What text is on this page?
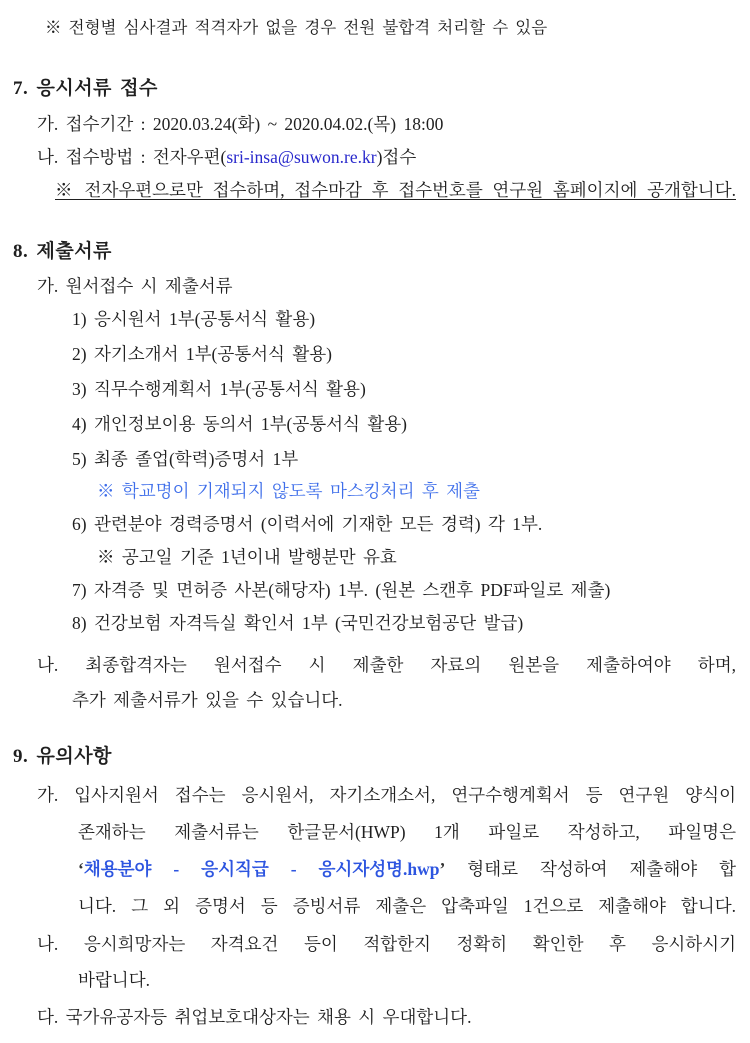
※ 전형별 심사결과 적격자가 없을 경우 전원 불합격 처리할 수 있음
7. 응시서류 접수
가. 접수기간 : 2020.03.24(화) ~ 2020.04.02.(목) 18:00
나. 접수방법 : 전자우편(sri-insa@suwon.re.kr)접수
※ 전자우편으로만 접수하며, 접수마감 후 접수번호를 연구원 홈페이지에 공개합니다.
8. 제출서류
가. 원서접수 시 제출서류
1) 응시원서 1부(공통서식 활용)
2) 자기소개서 1부(공통서식 활용)
3) 직무수행계획서 1부(공통서식 활용)
4) 개인정보이용 동의서 1부(공통서식 활용)
5) 최종 졸업(학력)증명서 1부
※ 학교명이 기재되지 않도록 마스킹처리 후 제출
6) 관련분야 경력증명서 (이력서에 기재한 모든 경력) 각 1부.
※ 공고일 기준 1년이내 발행분만 유효
7) 자격증 및 면허증 사본(해당자) 1부. (원본 스캔후 PDF파일로 제출)
8) 건강보험 자격득실 확인서 1부 (국민건강보험공단 발급)
나. 최종합격자는 원서접수 시 제출한 자료의 원본을 제출하여야 하며,
추가 제출서류가 있을 수 있습니다.
9. 유의사항
가. 입사지원서 접수는 응시원서, 자기소개소서, 연구수행계획서 등 연구원 양식이
존재하는 제출서류는 한글문서(HWP) 1개 파일로 작성하고, 파일명은
‘채용분야 - 응시직급 - 응시자성명.hwp’ 형태로 작성하여 제출해야 합
니다. 그 외 증명서 등 증빙서류 제출은 압축파일 1건으로 제출해야 합니다.
나. 응시희망자는 자격요건 등이 적합한지 정확히 확인한 후 응시하시기
바랍니다.
다. 국가유공자등 취업보호대상자는 채용 시 우대합니다.
